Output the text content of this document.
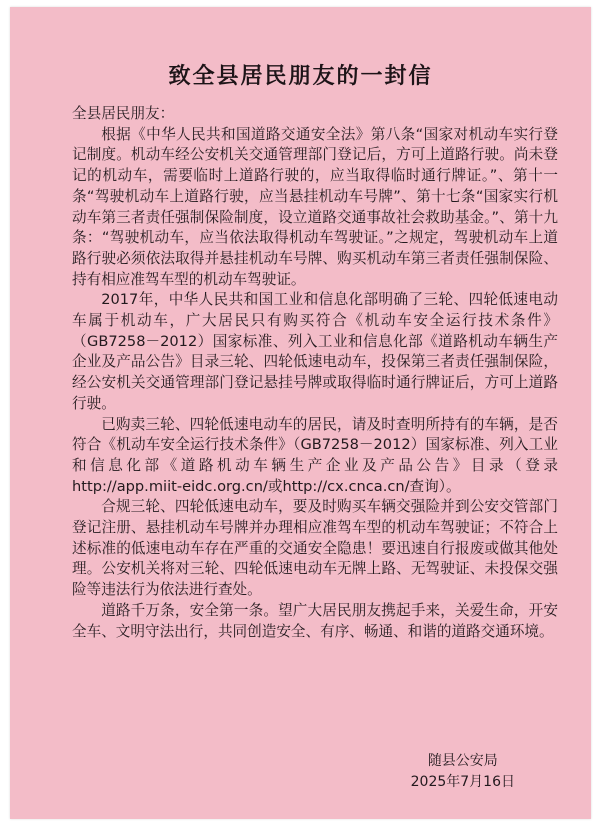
致全县居民朋友的一封信

全县居民朋友：

根据《中华人民共和国道路交通安全法》第八条“国家对机动车实行登记制度。机动车经公安机关交通管理部门登记后，方可上道路行驶。尚未登记的机动车，需要临时上道路行驶的，应当取得临时通行牌证。”、第十一条“驾驶机动车上道路行驶，应当悬挂机动车号牌”、第十七条“国家实行机动车第三者责任强制保险制度，设立道路交通事故社会救助基金。”、第十九条：“驾驶机动车，应当依法取得机动车驾驶证。”之规定，驾驶机动车上道路行驶必须依法取得并悬挂机动车号牌、购买机动车第三者责任强制保险、持有相应准驾车型的机动车驾驶证。

2017年，中华人民共和国工业和信息化部明确了三轮、四轮低速电动车属于机动车，广大居民只有购买符合《机动车安全运行技术条件》（GB7258－2012）国家标准、列入工业和信息化部《道路机动车辆生产企业及产品公告》目录三轮、四轮低速电动车，投保第三者责任强制保险，经公安机关交通管理部门登记悬挂号牌或取得临时通行牌证后，方可上道路行驶。

已购卖三轮、四轮低速电动车的居民，请及时查明所持有的车辆，是否符合《机动车安全运行技术条件》（GB7258－2012）国家标准、列入工业和信息化部《道路机动车辆生产企业及产品公告》目录（登录http://app.miit-eidc.org.cn/或http://cx.cnca.cn/查询）。

合规三轮、四轮低速电动车，要及时购买车辆交强险并到公安交管部门登记注册、悬挂机动车号牌并办理相应准驾车型的机动车驾驶证；不符合上述标准的低速电动车存在严重的交通安全隐患！要迅速自行报废或做其他处理。公安机关将对三轮、四轮低速电动车无牌上路、无驾驶证、未投保交强险等违法行为依法进行查处。

道路千万条，安全第一条。望广大居民朋友携起手来，关爱生命，开安全车、文明守法出行，共同创造安全、有序、畅通、和谐的道路交通环境。

随县公安局
2025年7月16日
